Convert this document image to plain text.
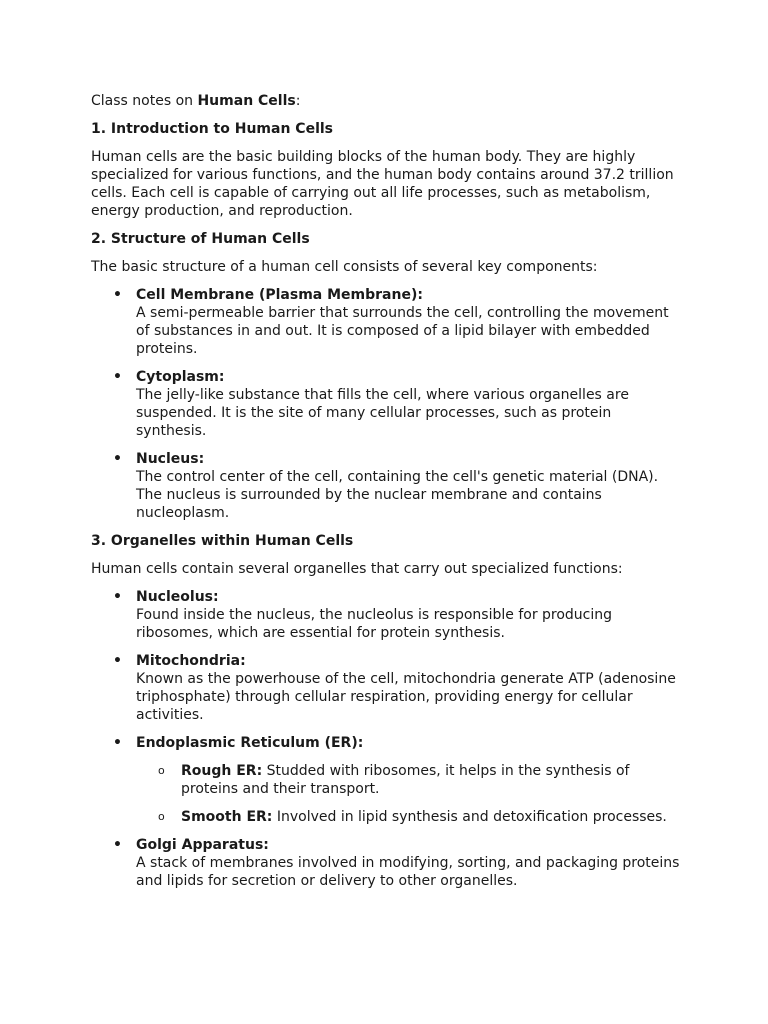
Class notes on Human Cells:

1. Introduction to Human Cells

Human cells are the basic building blocks of the human body. They are highly specialized for various functions, and the human body contains around 37.2 trillion cells. Each cell is capable of carrying out all life processes, such as metabolism, energy production, and reproduction.

2. Structure of Human Cells

The basic structure of a human cell consists of several key components:

• Cell Membrane (Plasma Membrane):
A semi-permeable barrier that surrounds the cell, controlling the movement of substances in and out. It is composed of a lipid bilayer with embedded proteins.
• Cytoplasm:
The jelly-like substance that fills the cell, where various organelles are suspended. It is the site of many cellular processes, such as protein synthesis.
• Nucleus:
The control center of the cell, containing the cell's genetic material (DNA). The nucleus is surrounded by the nuclear membrane and contains nucleoplasm.

3. Organelles within Human Cells

Human cells contain several organelles that carry out specialized functions:

• Nucleolus:
Found inside the nucleus, the nucleolus is responsible for producing ribosomes, which are essential for protein synthesis.
• Mitochondria:
Known as the powerhouse of the cell, mitochondria generate ATP (adenosine triphosphate) through cellular respiration, providing energy for cellular activities.
• Endoplasmic Reticulum (ER):
o Rough ER: Studded with ribosomes, it helps in the synthesis of proteins and their transport.
o Smooth ER: Involved in lipid synthesis and detoxification processes.
• Golgi Apparatus:
A stack of membranes involved in modifying, sorting, and packaging proteins and lipids for secretion or delivery to other organelles.
